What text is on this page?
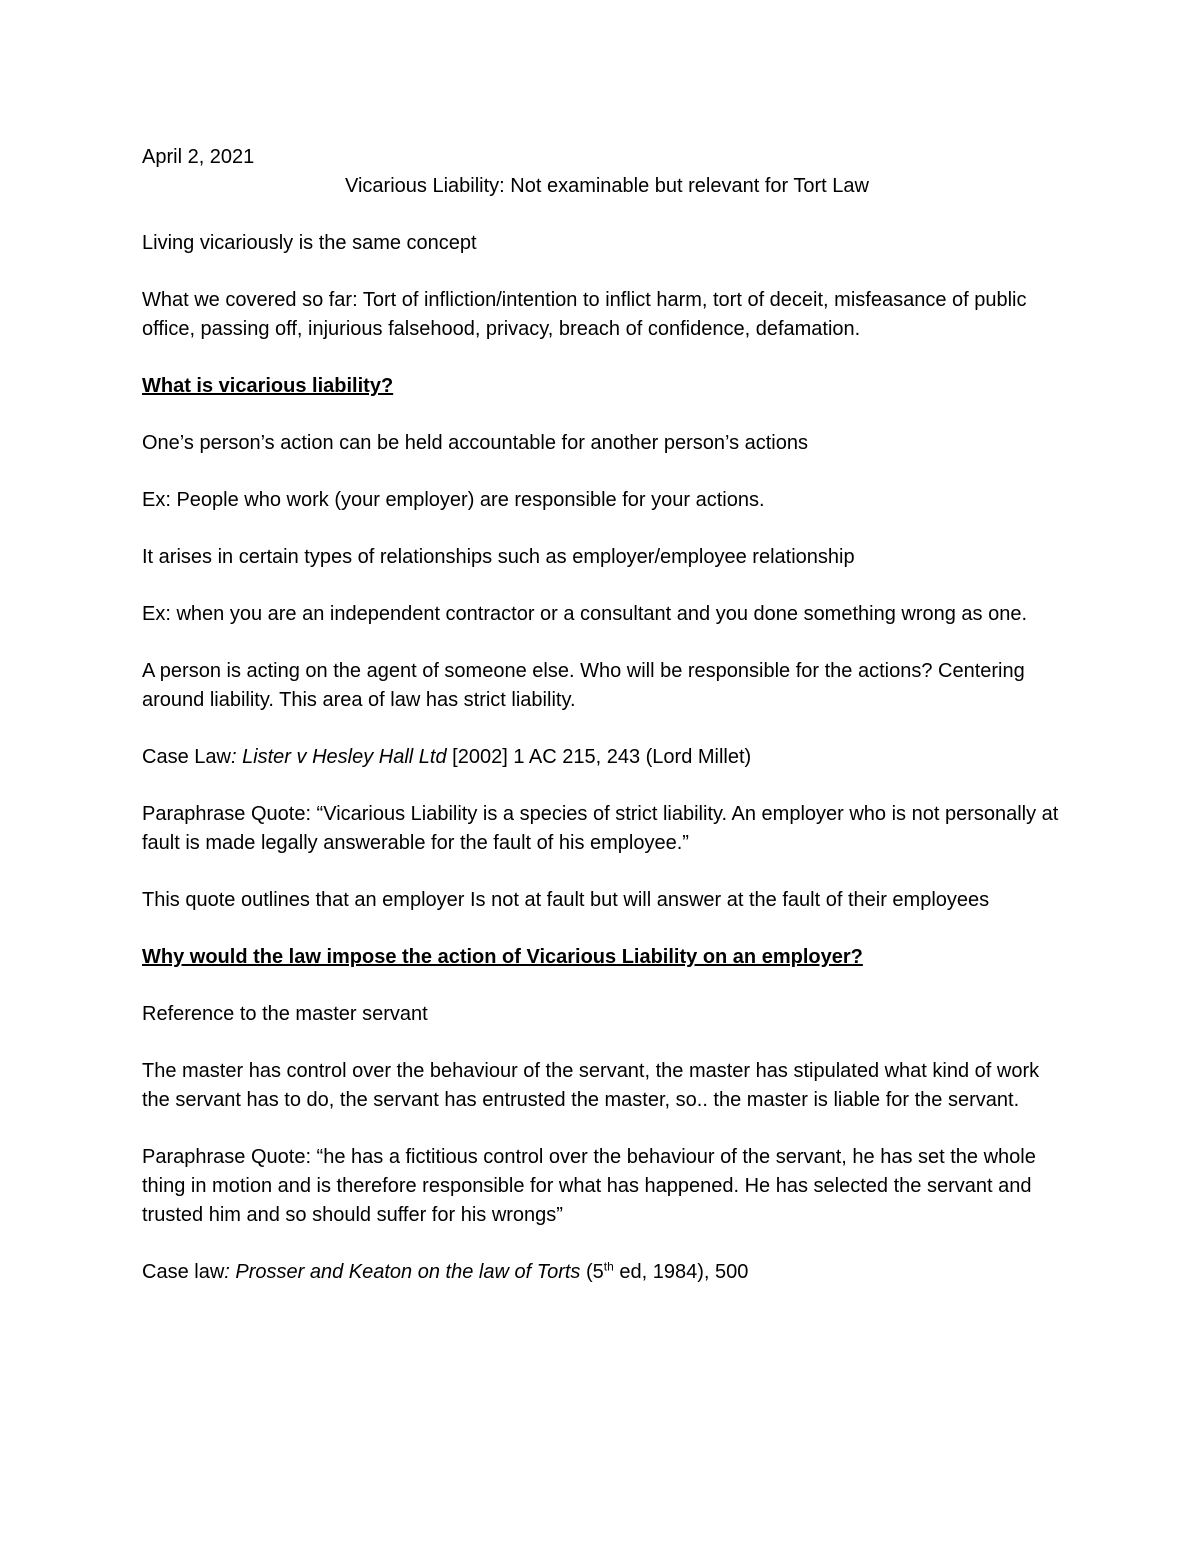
April 2, 2021

Vicarious Liability: Not examinable but relevant for Tort Law

Living vicariously is the same concept

What we covered so far: Tort of infliction/intention to inflict harm, tort of deceit, misfeasance of public office, passing off, injurious falsehood, privacy, breach of confidence, defamation.

What is vicarious liability?

One’s person’s action can be held accountable for another person’s actions

Ex: People who work (your employer) are responsible for your actions.

It arises in certain types of relationships such as employer/employee relationship

Ex: when you are an independent contractor or a consultant and you done something wrong as one.

A person is acting on the agent of someone else. Who will be responsible for the actions? Centering around liability. This area of law has strict liability.

Case Law: Lister v Hesley Hall Ltd [2002] 1 AC 215, 243 (Lord Millet)

Paraphrase Quote: “Vicarious Liability is a species of strict liability. An employer who is not personally at fault is made legally answerable for the fault of his employee.”

This quote outlines that an employer Is not at fault but will answer at the fault of their employees

Why would the law impose the action of Vicarious Liability on an employer?

Reference to the master servant

The master has control over the behaviour of the servant, the master has stipulated what kind of work the servant has to do, the servant has entrusted the master, so.. the master is liable for the servant.

Paraphrase Quote: “he has a fictitious control over the behaviour of the servant, he has set the whole thing in motion and is therefore responsible for what has happened. He has selected the servant and trusted him and so should suffer for his wrongs”

Case law: Prosser and Keaton on the law of Torts (5th ed, 1984), 500
